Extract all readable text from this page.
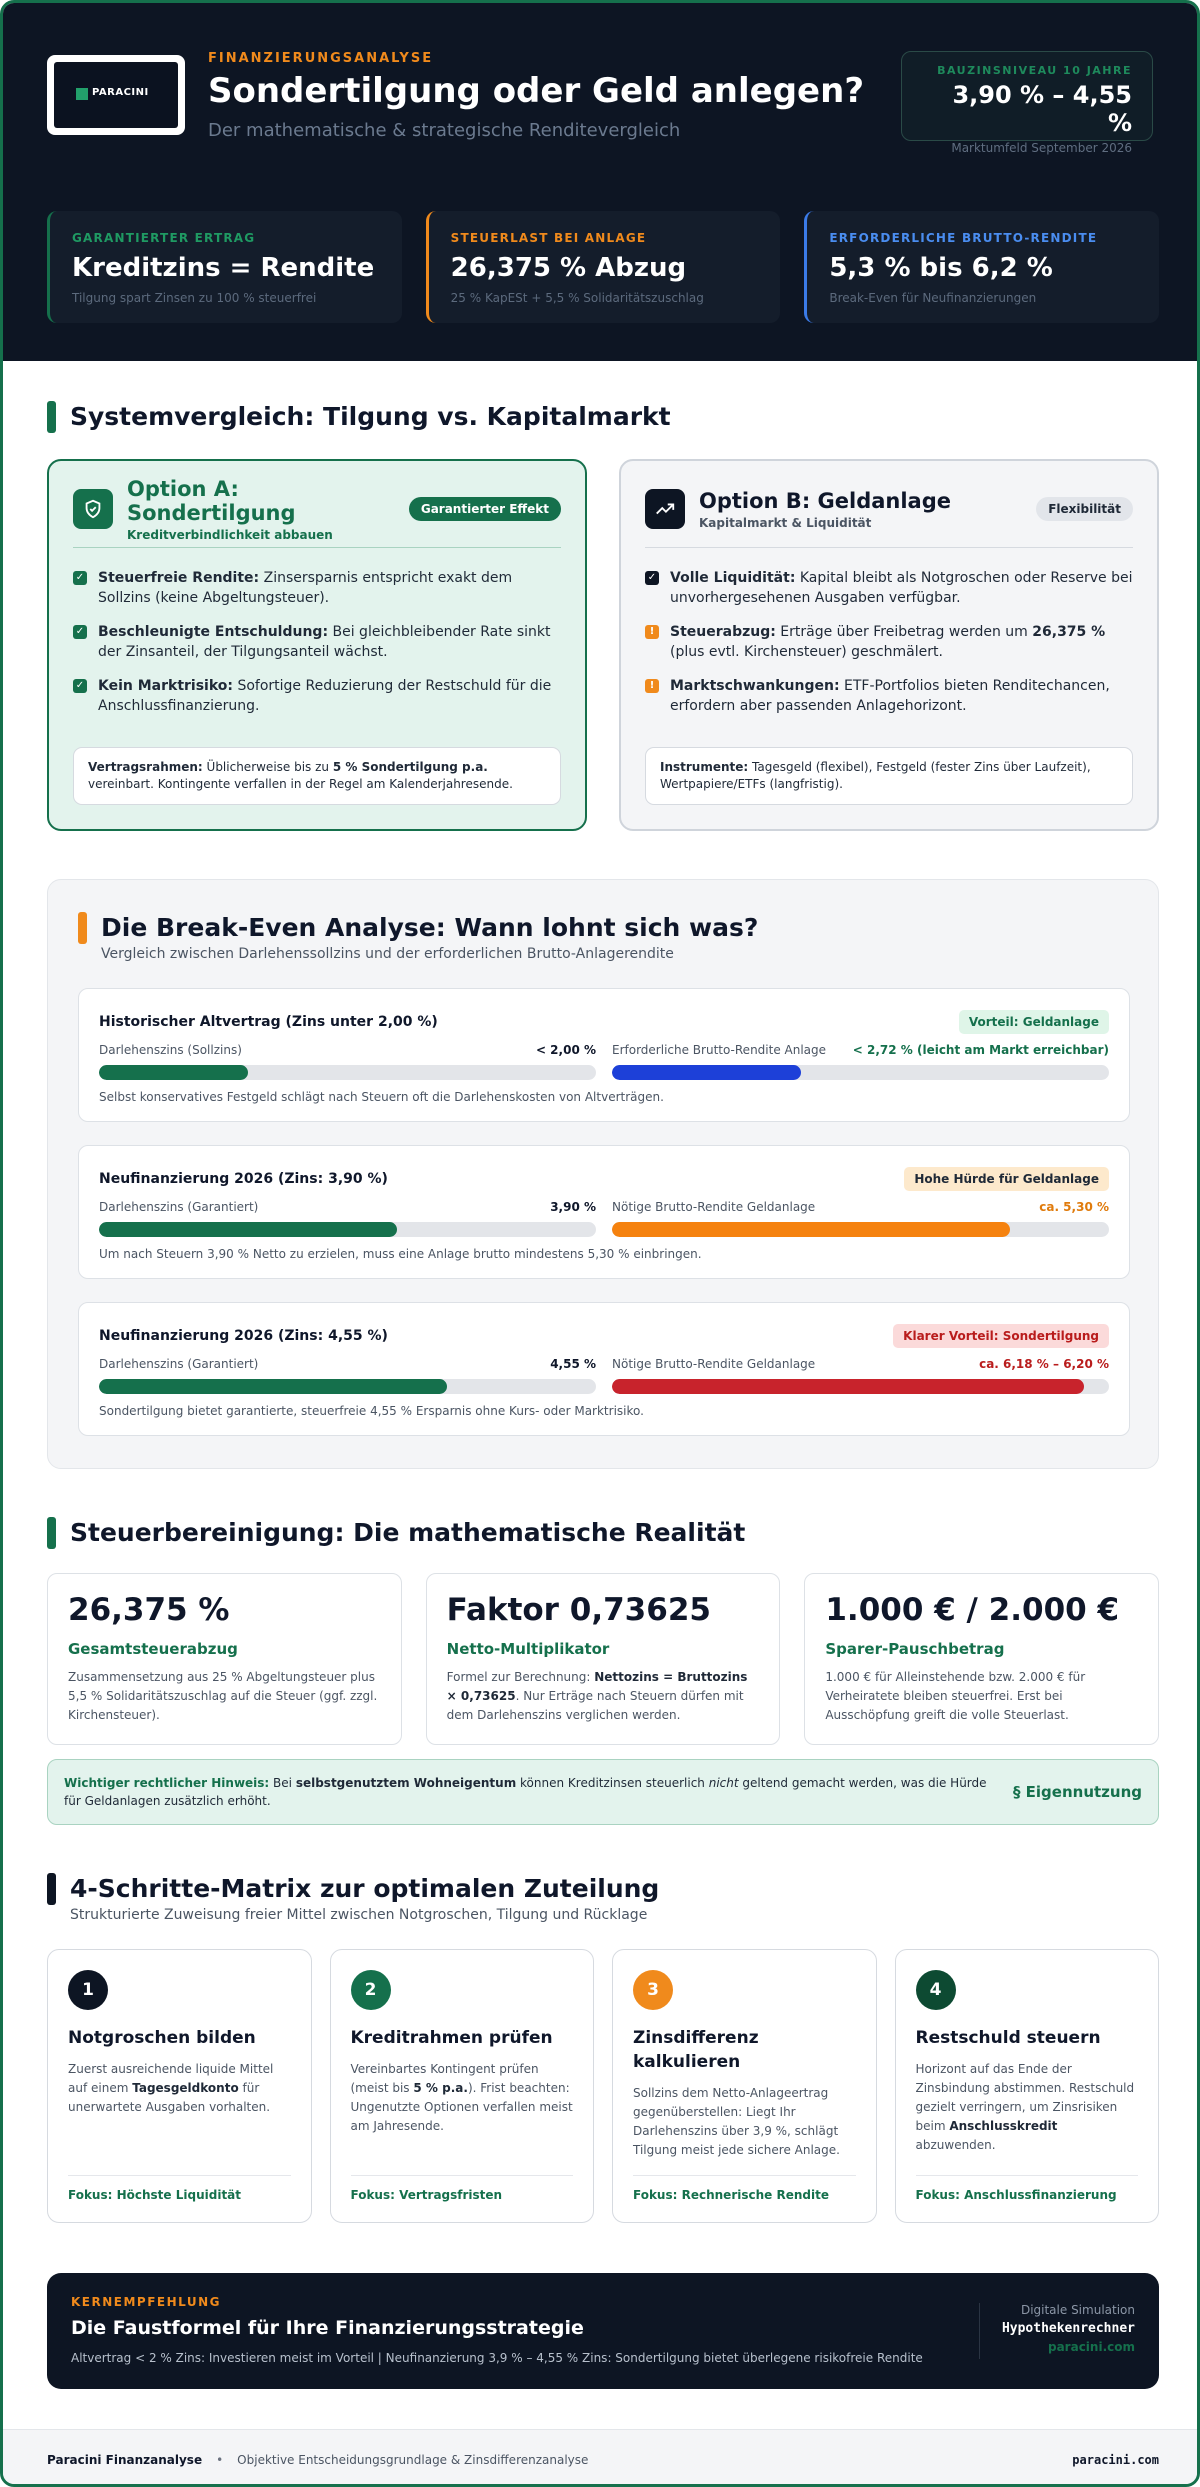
PARACINI
FINANZIERUNGSANALYSE
Sondertilgung oder Geld anlegen?
Der mathematische & strategische Renditevergleich
BAUZINSNIVEAU 10 JAHRE
3,90 % – 4,55 %
Marktumfeld September 2026
GARANTIERTER ERTRAG
Kreditzins = Rendite
Tilgung spart Zinsen zu 100 % steuerfrei
STEUERLAST BEI ANLAGE
26,375 % Abzug
25 % KapESt + 5,5 % Solidaritätszuschlag
ERFORDERLICHE BRUTTO-RENDITE
5,3 % bis 6,2 %
Break-Even für Neufinanzierungen
Systemvergleich: Tilgung vs. Kapitalmarkt
Option A: Sondertilgung
Kreditverbindlichkeit abbauen
Garantierter Effekt
✓ Steuerfreie Rendite: Zinsersparnis entspricht exakt dem Sollzins (keine Abgeltungsteuer).
✓ Beschleunigte Entschuldung: Bei gleichbleibender Rate sinkt der Zinsanteil, der Tilgungsanteil wächst.
✓ Kein Marktrisiko: Sofortige Reduzierung der Restschuld für die Anschlussfinanzierung.
Vertragsrahmen: Üblicherweise bis zu 5 % Sondertilgung p.a. vereinbart. Kontingente verfallen in der Regel am Kalenderjahresende.
Option B: Geldanlage
Kapitalmarkt & Liquidität
Flexibilität
✓ Volle Liquidität: Kapital bleibt als Notgroschen oder Reserve bei unvorhergesehenen Ausgaben verfügbar.
!	Steuerabzug: Erträge über Freibetrag werden um 26,375 % (plus evtl. Kirchensteuer) geschmälert.
!	Marktschwankungen: ETF-Portfolios bieten Renditechancen, erfordern aber passenden Anlagehorizont.
Instrumente: Tagesgeld (flexibel), Festgeld (fester Zins über Laufzeit), Wertpapiere/ETFs (langfristig).
Die Break-Even Analyse: Wann lohnt sich was?
Vergleich zwischen Darlehenssollzins und der erforderlichen Brutto-Anlagerendite
Historischer Altvertrag (Zins unter 2,00 %)	Vorteil: Geldanlage
Darlehenszins (Sollzins)	< 2,00 % Erforderliche Brutto-Rendite Anlage < 2,72 % (leicht am Markt erreichbar)
Selbst konservatives Festgeld schlägt nach Steuern oft die Darlehenskosten von Altverträgen.
Neufinanzierung 2026 (Zins: 3,90 %)	Hohe Hürde für Geldanlage
Darlehenszins (Garantiert)	3,90 % Nötige Brutto-Rendite Geldanlage	ca. 5,30 %
Um nach Steuern 3,90 % Netto zu erzielen, muss eine Anlage brutto mindestens 5,30 % einbringen.
Neufinanzierung 2026 (Zins: 4,55 %)	Klarer Vorteil: Sondertilgung
Darlehenszins (Garantiert)	4,55 % Nötige Brutto-Rendite Geldanlage	ca. 6,18 % – 6,20 %
Sondertilgung bietet garantierte, steuerfreie 4,55 % Ersparnis ohne Kurs- oder Marktrisiko.
Steuerbereinigung: Die mathematische Realität
26,375 %
Gesamtsteuerabzug
Zusammensetzung aus 25 % Abgeltungsteuer plus 5,5 % Solidaritätszuschlag auf die Steuer (ggf. zzgl. Kirchensteuer).
Faktor 0,73625
Netto-Multiplikator
Formel zur Berechnung: Nettozins = Bruttozins × 0,73625. Nur Erträge nach Steuern dürfen mit dem Darlehenszins verglichen werden.
1.000 € / 2.000 €
Sparer-Pauschbetrag
1.000 € für Alleinstehende bzw. 2.000 € für Verheiratete bleiben steuerfrei. Erst bei Ausschöpfung greift die volle Steuerlast.
Wichtiger rechtlicher Hinweis: Bei selbstgenutztem Wohneigentum können Kreditzinsen steuerlich nicht geltend gemacht werden, was die Hürde für Geldanlagen zusätzlich erhöht.	§ Eigennutzung
4-Schritte-Matrix zur optimalen Zuteilung
Strukturierte Zuweisung freier Mittel zwischen Notgroschen, Tilgung und Rücklage
1
Notgroschen bilden
Zuerst ausreichende liquide Mittel auf einem Tagesgeldkonto für unerwartete Ausgaben vorhalten.
Fokus: Höchste Liquidität
2
Kreditrahmen prüfen
Vereinbartes Kontingent prüfen (meist bis 5 % p.a.). Frist beachten: Ungenutzte Optionen verfallen meist am Jahresende.
Fokus: Vertragsfristen
3
Zinsdifferenz kalkulieren
Sollzins dem Netto-Anlageertrag gegenüberstellen: Liegt Ihr Darlehenszins über 3,9 %, schlägt Tilgung meist jede sichere Anlage.
Fokus: Rechnerische Rendite
4
Restschuld steuern
Horizont auf das Ende der Zinsbindung abstimmen. Restschuld gezielt verringern, um Zinsrisiken beim Anschlusskredit abzuwenden.
Fokus: Anschlussfinanzierung
KERNEMPFEHLUNG
Die Faustformel für Ihre Finanzierungsstrategie
Altvertrag < 2 % Zins: Investieren meist im Vorteil | Neufinanzierung 3,9 % – 4,55 % Zins: Sondertilgung bietet überlegene risikofreie Rendite
Digitale Simulation
Hypothekenrechner
paracini.com
Paracini Finanzanalyse • Objektive Entscheidungsgrundlage & Zinsdifferenzanalyse	paracini.com
